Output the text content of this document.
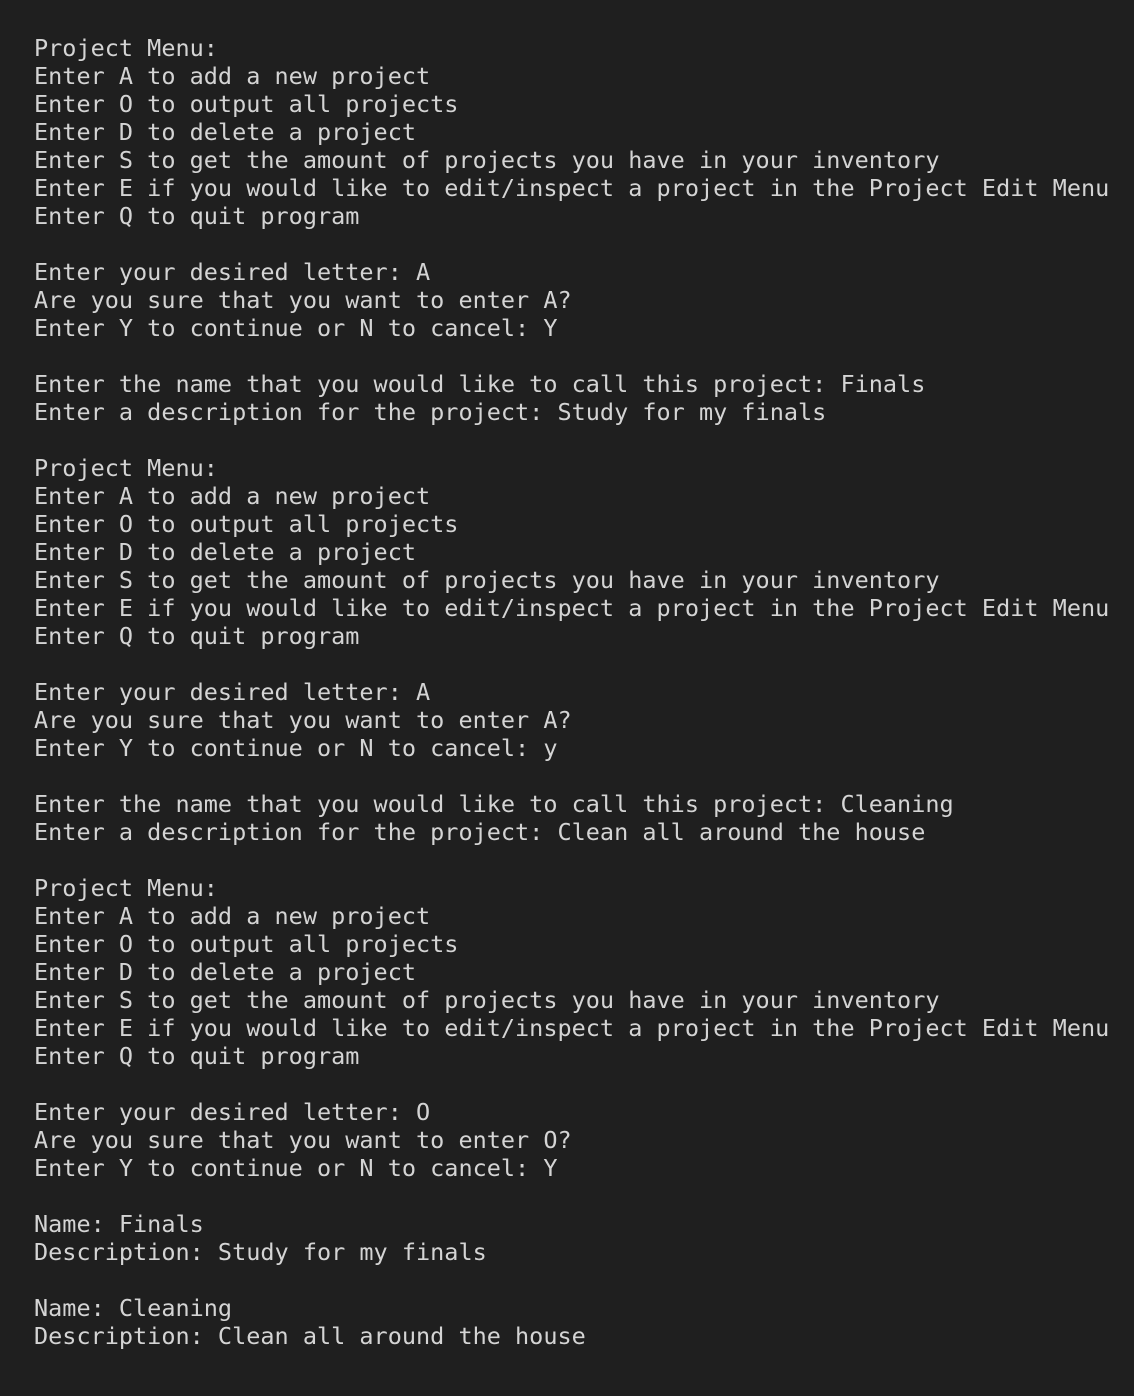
Project Menu:
Enter A to add a new project
Enter O to output all projects
Enter D to delete a project
Enter S to get the amount of projects you have in your inventory
Enter E if you would like to edit/inspect a project in the Project Edit Menu
Enter Q to quit program
Enter your desired letter: A
Are you sure that you want to enter A?
Enter Y to continue or N to cancel: Y
Enter the name that you would like to call this project: Finals
Enter a description for the project: Study for my finals
Project Menu:
Enter A to add a new project
Enter O to output all projects
Enter D to delete a project
Enter S to get the amount of projects you have in your inventory
Enter E if you would like to edit/inspect a project in the Project Edit Menu
Enter Q to quit program
Enter your desired letter: A
Are you sure that you want to enter A?
Enter Y to continue or N to cancel: y
Enter the name that you would like to call this project: Cleaning
Enter a description for the project: Clean all around the house
Project Menu:
Enter A to add a new project
Enter O to output all projects
Enter D to delete a project
Enter S to get the amount of projects you have in your inventory
Enter E if you would like to edit/inspect a project in the Project Edit Menu
Enter Q to quit program
Enter your desired letter: O
Are you sure that you want to enter O?
Enter Y to continue or N to cancel: Y
Name: Finals
Description: Study for my finals
Name: Cleaning
Description: Clean all around the house
